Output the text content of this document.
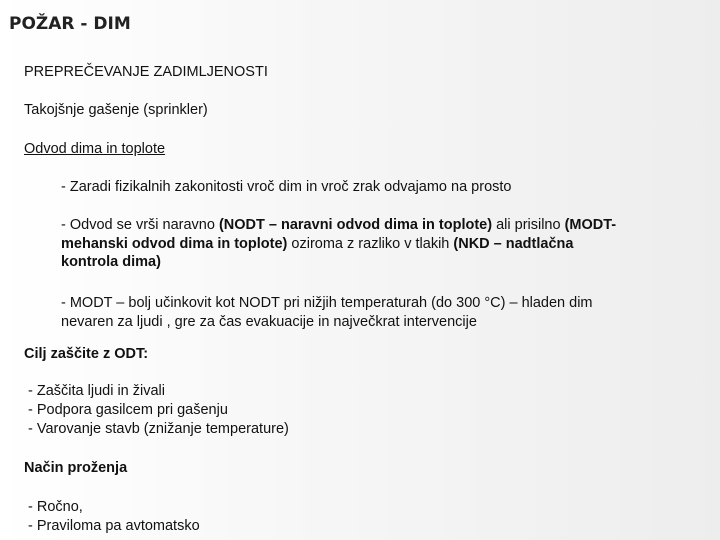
POŽAR - DIM
PREPREČEVANJE ZADIMLJENOSTI
Takojšnje gašenje (sprinkler)
Odvod dima in toplote
- Zaradi fizikalnih zakonitosti vroč dim in vroč zrak odvajamo na prosto
- Odvod se vrši naravno (NODT – naravni odvod dima in toplote) ali prisilno (MODT-
mehanski odvod dima in toplote) oziroma z razliko v tlakih (NKD – nadtlačna
kontrola dima)
- MODT – bolj učinkovit kot NODT pri nižjih temperaturah (do 300 °C) – hladen dim
nevaren za ljudi , gre za čas evakuacije in največkrat intervencije
Cilj zaščite z ODT:
- Zaščita ljudi in živali
- Podpora gasilcem pri gašenju
- Varovanje stavb (znižanje temperature)
Način proženja
- Ročno,
- Praviloma pa avtomatsko
